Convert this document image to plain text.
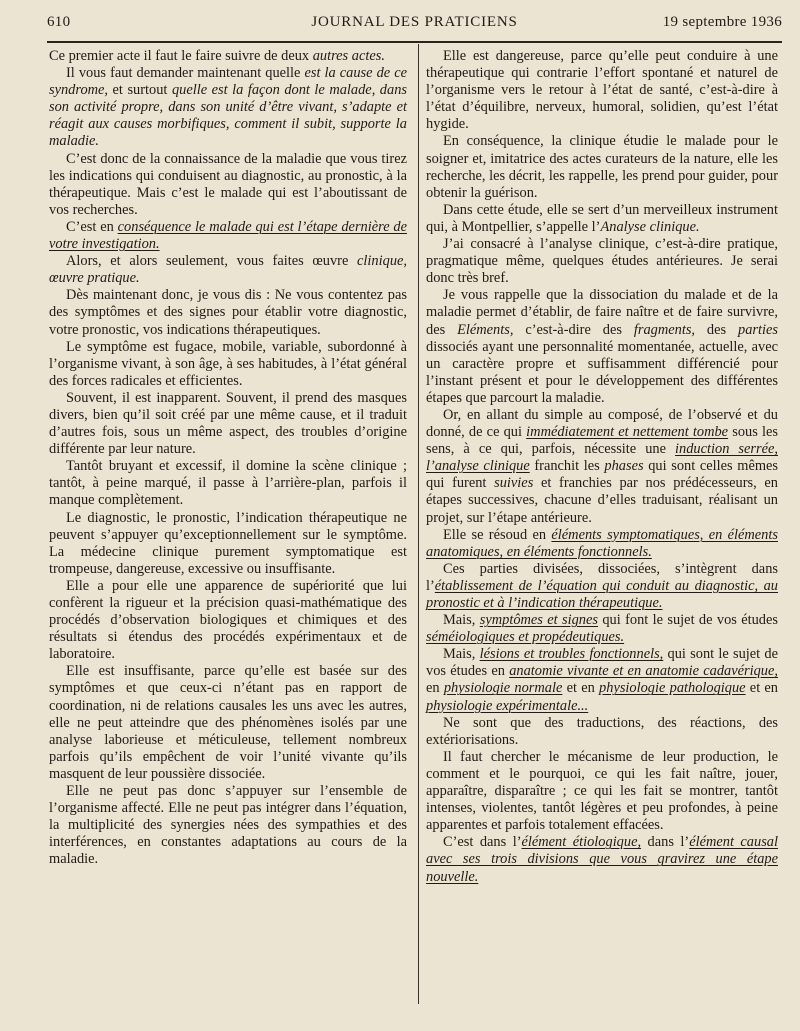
610	JOURNAL DES PRATICIENS	19 septembre 1936

Ce premier acte il faut le faire suivre de deux autres actes.

Il vous faut demander maintenant quelle est la cause de ce syndrome, et surtout quelle est la façon dont le malade, dans son activité propre, dans son unité d’être vivant, s’adapte et réagit aux causes morbifiques, comment il subit, supporte la maladie.

C’est donc de la connaissance de la maladie que vous tirez les indications qui conduisent au diagnostic, au pronostic, à la thérapeutique. Mais c’est le malade qui est l’aboutissant de vos recherches.

C’est en conséquence le malade qui est l’étape dernière de votre investigation.

Alors, et alors seulement, vous faites œuvre clinique, œuvre pratique.

Dès maintenant donc, je vous dis : Ne vous contentez pas des symptômes et des signes pour établir votre diagnostic, votre pronostic, vos indications thérapeutiques.

Le symptôme est fugace, mobile, variable, subordonné à l’organisme vivant, à son âge, à ses habitudes, à l’état général des forces radicales et efficientes.

Souvent, il est inapparent. Souvent, il prend des masques divers, bien qu’il soit créé par une même cause, et il traduit d’autres fois, sous un même aspect, des troubles d’origine différente par leur nature.

Tantôt bruyant et excessif, il domine la scène clinique ; tantôt, à peine marqué, il passe à l’arrière-plan, parfois il manque complètement.

Le diagnostic, le pronostic, l’indication thérapeutique ne peuvent s’appuyer qu’exceptionnellement sur le symptôme. La médecine clinique purement symptomatique est trompeuse, dangereuse, excessive ou insuffisante.

Elle a pour elle une apparence de supériorité que lui confèrent la rigueur et la précision quasi-mathématique des procédés d’observation biologiques et chimiques et des résultats si étendus des procédés expérimentaux et de laboratoire.

Elle est insuffisante, parce qu’elle est basée sur des symptômes et que ceux-ci n’étant pas en rapport de coordination, ni de relations causales les uns avec les autres, elle ne peut atteindre que des phénomènes isolés par une analyse laborieuse et méticuleuse, tellement nombreux parfois qu’ils empêchent de voir l’unité vivante qu’ils masquent de leur poussière dissociée.

Elle ne peut pas donc s’appuyer sur l’ensemble de l’organisme affecté. Elle ne peut pas intégrer dans l’équation, la multiplicité des synergies nées des sympathies et des interférences, en constantes adaptations au cours de la maladie.

Elle est dangereuse, parce qu’elle peut conduire à une thérapeutique qui contrarie l’effort spontané et naturel de l’organisme vers le retour à l’état de santé, c’est-à-dire à l’état d’équilibre, nerveux, humoral, solidien, qu’est l’état hygide.

En conséquence, la clinique étudie le malade pour le soigner et, imitatrice des actes curateurs de la nature, elle les recherche, les décrit, les rappelle, les prend pour guider, pour obtenir la guérison.

Dans cette étude, elle se sert d’un merveilleux instrument qui, à Montpellier, s’appelle l’Analyse clinique.

J’ai consacré à l’analyse clinique, c’est-à-dire pratique, pragmatique même, quelques études antérieures. Je serai donc très bref.

Je vous rappelle que la dissociation du malade et de la maladie permet d’établir, de faire naître et de faire survivre, des Eléments, c’est-à-dire des fragments, des parties dissociés ayant une personnalité momentanée, actuelle, avec un caractère propre et suffisamment différencié pour l’instant présent et pour le développement des différentes étapes que parcourt la maladie.

Or, en allant du simple au composé, de l’observé et du donné, de ce qui immédiatement et nettement tombe sous les sens, à ce qui, parfois, nécessite une induction serrée, l’analyse clinique franchit les phases qui sont celles mêmes qui furent suivies et franchies par nos prédécesseurs, en étapes successives, chacune d’elles traduisant, réalisant un projet, sur l’étape antérieure.

Elle se résoud en éléments symptomatiques, en éléments anatomiques, en éléments fonctionnels.

Ces parties divisées, dissociées, s’intègrent dans l’établissement de l’équation qui conduit au diagnostic, au pronostic et à l’indication thérapeutique.

Mais, symptômes et signes qui font le sujet de vos études séméiologiques et propédeutiques.

Mais, lésions et troubles fonctionnels, qui sont le sujet de vos études en anatomie vivante et en anatomie cadavérique, en physiologie normale et en physiologie pathologique et en physiologie expérimentale...

Ne sont que des traductions, des réactions, des extériorisations.

Il faut chercher le mécanisme de leur production, le comment et le pourquoi, ce qui les fait naître, jouer, apparaître, disparaître ; ce qui les fait se montrer, tantôt intenses, violentes, tantôt légères et peu profondes, à peine apparentes et parfois totalement effacées.

C’est dans l’élément étiologique, dans l’élément causal avec ses trois divisions que vous gravirez une étape nouvelle.
